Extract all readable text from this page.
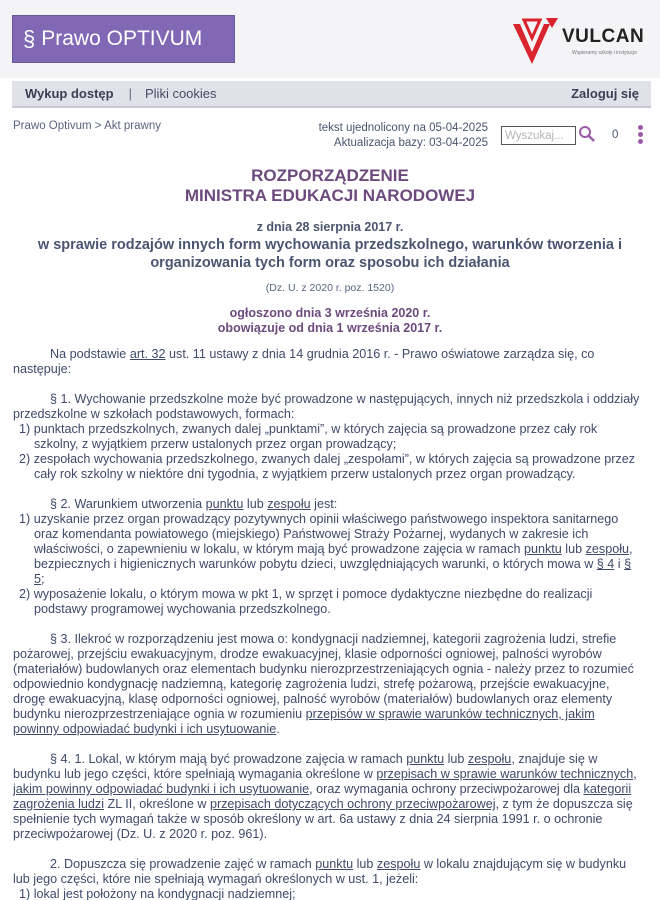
§ Prawo OPTIVUM	VULCAN
Wspieramy szkoły i instytucje
Wykup dostęp | Pliki cookies	Zaloguj się
Prawo Optivum > Akt prawny	tekst ujednolicony na 05-04-2025
Aktualizacja bazy: 03-04-2025
Wyszukaj...
0
ROZPORZĄDZENIE
MINISTRA EDUKACJI NARODOWEJ
z dnia 28 sierpnia 2017 r.
w sprawie rodzajów innych form wychowania przedszkolnego, warunków tworzenia i organizowania tych form oraz sposobu ich działania
(Dz. U. z 2020 r. poz. 1520)
ogłoszono dnia 3 września 2020 r.
obowiązuje od dnia 1 września 2017 r.

Na podstawie art. 32 ust. 11 ustawy z dnia 14 grudnia 2016 r. - Prawo oświatowe zarządza się, co następuje:

§ 1. Wychowanie przedszkolne może być prowadzone w następujących, innych niż przedszkola i oddziały przedszkolne w szkołach podstawowych, formach:
1) punktach przedszkolnych, zwanych dalej „punktami”, w których zajęcia są prowadzone przez cały rok szkolny, z wyjątkiem przerw ustalonych przez organ prowadzący;
2) zespołach wychowania przedszkolnego, zwanych dalej „zespołami”, w których zajęcia są prowadzone przez cały rok szkolny w niektóre dni tygodnia, z wyjątkiem przerw ustalonych przez organ prowadzący.
§ 2. Warunkiem utworzenia punktu lub zespołu jest:
1) uzyskanie przez organ prowadzący pozytywnych opinii właściwego państwowego inspektora sanitarnego oraz komendanta powiatowego (miejskiego) Państwowej Straży Pożarnej, wydanych w zakresie ich właściwości, o zapewnieniu w lokalu, w którym mają być prowadzone zajęcia w ramach punktu lub zespołu, bezpiecznych i higienicznych warunków pobytu dzieci, uwzględniających warunki, o których mowa w § 4 i § 5;
2) wyposażenie lokalu, o którym mowa w pkt 1, w sprzęt i pomoce dydaktyczne niezbędne do realizacji podstawy programowej wychowania przedszkolnego.

§ 3. Ilekroć w rozporządzeniu jest mowa o: kondygnacji nadziemnej, kategorii zagrożenia ludzi, strefie pożarowej, przejściu ewakuacyjnym, drodze ewakuacyjnej, klasie odporności ogniowej, palności wyrobów (materiałów) budowlanych oraz elementach budynku nierozprzestrzeniających ognia - należy przez to rozumieć odpowiednio kondygnację nadziemną, kategorię zagrożenia ludzi, strefę pożarową, przejście ewakuacyjne, drogę ewakuacyjną, klasę odporności ogniowej, palność wyrobów (materiałów) budowlanych oraz elementy budynku nierozprzestrzeniające ognia w rozumieniu przepisów w sprawie warunków technicznych, jakim powinny odpowiadać budynki i ich usytuowanie.

§ 4. 1. Lokal, w którym mają być prowadzone zajęcia w ramach punktu lub zespołu, znajduje się w budynku lub jego części, które spełniają wymagania określone w przepisach w sprawie warunków technicznych, jakim powinny odpowiadać budynki i ich usytuowanie, oraz wymagania ochrony przeciwpożarowej dla kategorii zagrożenia ludzi ZL II, określone w przepisach dotyczących ochrony przeciwpożarowej, z tym że dopuszcza się spełnienie tych wymagań także w sposób określony w art. 6a ustawy z dnia 24 sierpnia 1991 r. o ochronie przeciwpożarowej (Dz. U. z 2020 r. poz. 961).

2. Dopuszcza się prowadzenie zajęć w ramach punktu lub zespołu w lokalu znajdującym się w budynku lub jego części, które nie spełniają wymagań określonych w ust. 1, jeżeli:
1) lokal jest położony na kondygnacji nadziemnej;
